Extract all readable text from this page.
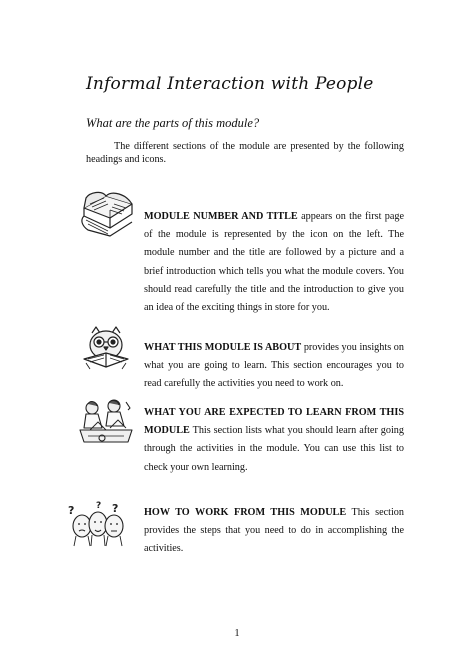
Informal Interaction with People
What are the parts of this module?

The different sections of the module are presented by the following headings and icons.

MODULE NUMBER AND TITLE appears on the first page of the module is represented by the icon on the left. The module number and the title are followed by a picture and a brief introduction which tells you what the module covers. You should read carefully the title and the introduction to give you an idea of the exciting things in store for you.

WHAT THIS MODULE IS ABOUT provides you insights on what you are going to learn. This section encourages you to read carefully the activities you need to work on.

WHAT YOU ARE EXPECTED TO LEARN FROM THIS MODULE This section lists what you should learn after going through the activities in the module. You can use this list to check your own learning.

?	?
?

HOW TO WORK FROM THIS MODULE This section provides the steps that you need to do in accomplishing the activities.

1
